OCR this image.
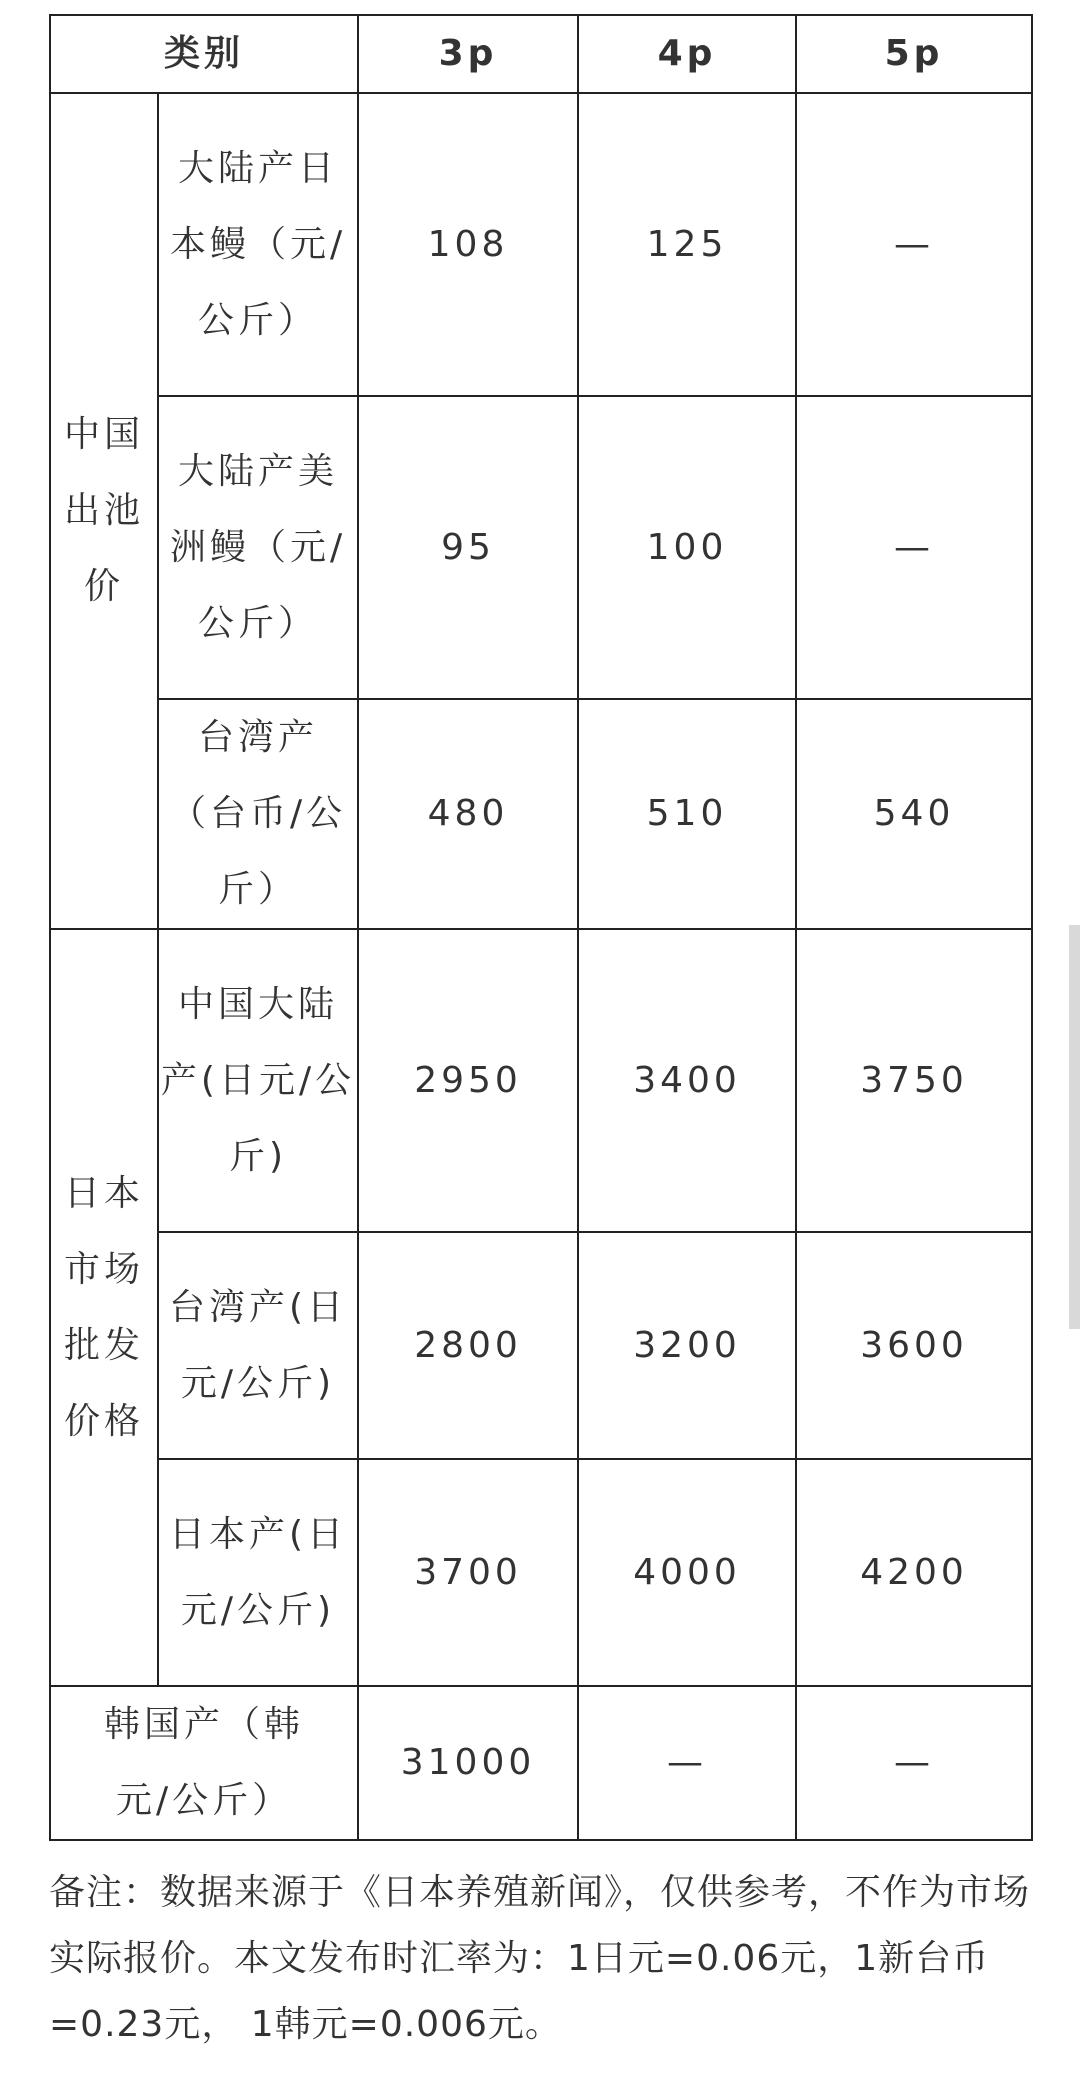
类别		3p	4p	5p
中国出池价	大陆产日本鳗（元/公斤）	108	125	—
	大陆产美洲鳗（元/公斤）	95	100	—
	台湾产（台币/公斤）	480	510	540
日本市场批发价格	中国大陆产(日元/公斤)	2950	3400	3750
	台湾产(日元/公斤)	2800	3200	3600
	日本产(日元/公斤)	3700	4000	4200
韩国产（韩元/公斤）		31000	—	—
备注：数据来源于《日本养殖新闻》，仅供参考，不作为市场实际报价。本文发布时汇率为：1日元=0.06元，1新台币=0.23元， 1韩元=0.006元。
